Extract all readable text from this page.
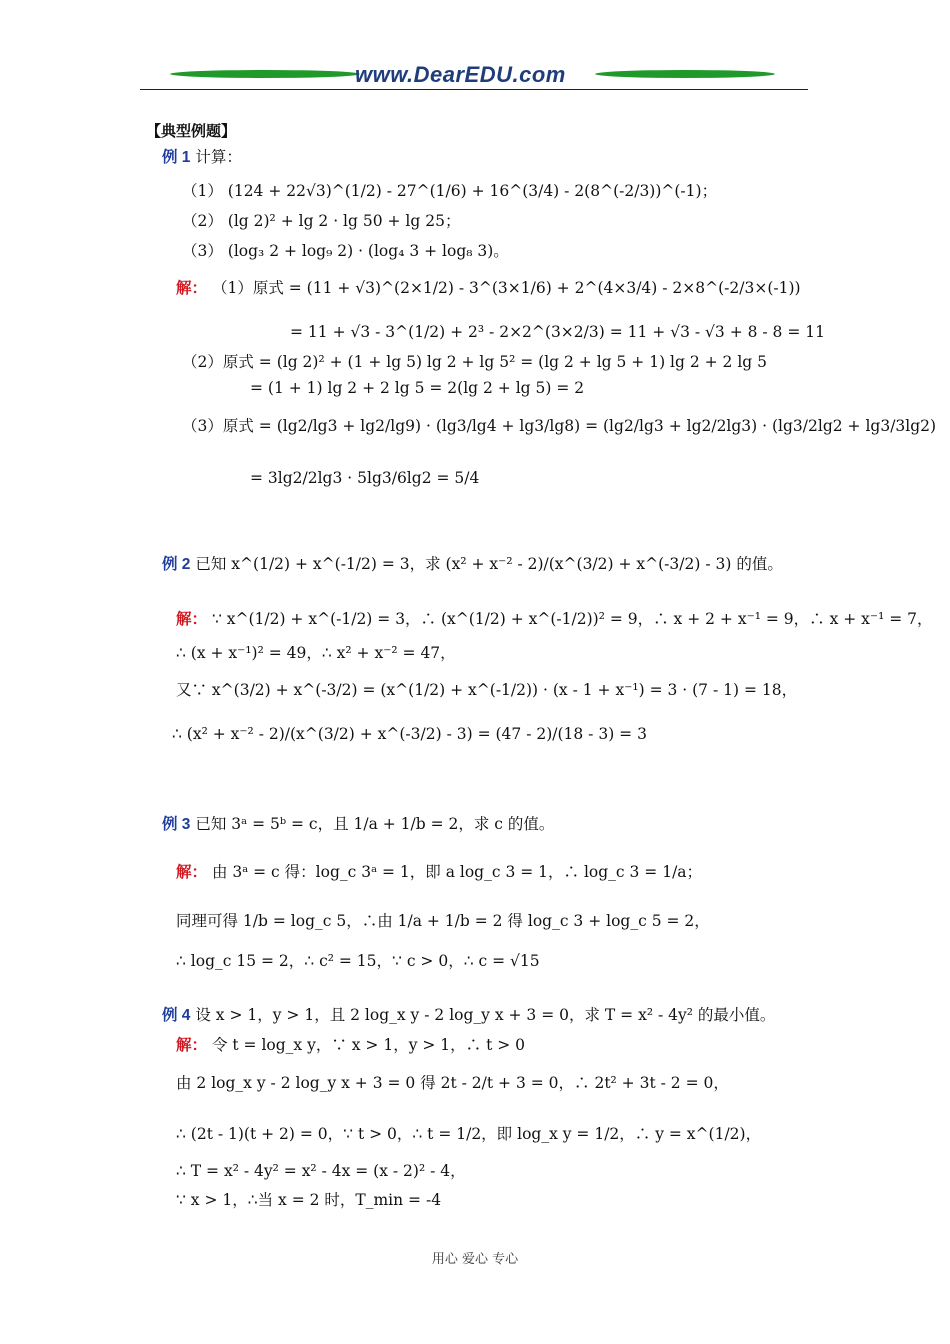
www.DearEDU.com
【典型例题】
例 1 计算：
（1） (124 + 22√3)^(1/2) - 27^(1/6) + 16^(3/4) - 2(8^(-2/3))^(-1)；
（2） (lg 2)² + lg 2 · lg 50 + lg 25；
（3） (log₃ 2 + log₉ 2) · (log₄ 3 + log₈ 3)。
解： （1）原式 = (11 + √3)^(2×1/2) - 3^(3×1/6) + 2^(4×3/4) - 2×8^(-2/3×(-1))
= 11 + √3 - 3^(1/2) + 2³ - 2×2^(3×2/3) = 11 + √3 - √3 + 8 - 8 = 11
（2）原式 = (lg 2)² + (1 + lg 5) lg 2 + lg 5² = (lg 2 + lg 5 + 1) lg 2 + 2 lg 5
= (1 + 1) lg 2 + 2 lg 5 = 2(lg 2 + lg 5) = 2
（3）原式 = (lg2/lg3 + lg2/lg9) · (lg3/lg4 + lg3/lg8) = (lg2/lg3 + lg2/2lg3) · (lg3/2lg2 + lg3/3lg2)
= 3lg2/2lg3 · 5lg3/6lg2 = 5/4
例 2 已知 x^(1/2) + x^(-1/2) = 3，求 (x² + x⁻² - 2)/(x^(3/2) + x^(-3/2) - 3) 的值。
解： ∵ x^(1/2) + x^(-1/2) = 3，∴ (x^(1/2) + x^(-1/2))² = 9，∴ x + 2 + x⁻¹ = 9，∴ x + x⁻¹ = 7，
∴ (x + x⁻¹)² = 49，∴ x² + x⁻² = 47，
又∵ x^(3/2) + x^(-3/2) = (x^(1/2) + x^(-1/2)) · (x - 1 + x⁻¹) = 3 · (7 - 1) = 18，
∴ (x² + x⁻² - 2)/(x^(3/2) + x^(-3/2) - 3) = (47 - 2)/(18 - 3) = 3
例 3 已知 3ᵃ = 5ᵇ = c，且 1/a + 1/b = 2，求 c 的值。
解： 由 3ᵃ = c 得：log_c 3ᵃ = 1，即 a log_c 3 = 1，∴ log_c 3 = 1/a；
同理可得 1/b = log_c 5，∴由 1/a + 1/b = 2 得 log_c 3 + log_c 5 = 2，
∴ log_c 15 = 2，∴ c² = 15，∵ c > 0，∴ c = √15
例 4 设 x > 1，y > 1，且 2 log_x y - 2 log_y x + 3 = 0，求 T = x² - 4y² 的最小值。
解： 令 t = log_x y，∵ x > 1，y > 1，∴ t > 0
由 2 log_x y - 2 log_y x + 3 = 0 得 2t - 2/t + 3 = 0，∴ 2t² + 3t - 2 = 0，
∴ (2t - 1)(t + 2) = 0，∵ t > 0，∴ t = 1/2，即 log_x y = 1/2，∴ y = x^(1/2)，
∴ T = x² - 4y² = x² - 4x = (x - 2)² - 4，
∵ x > 1，∴当 x = 2 时，T_min = -4
用心 爱心 专心
